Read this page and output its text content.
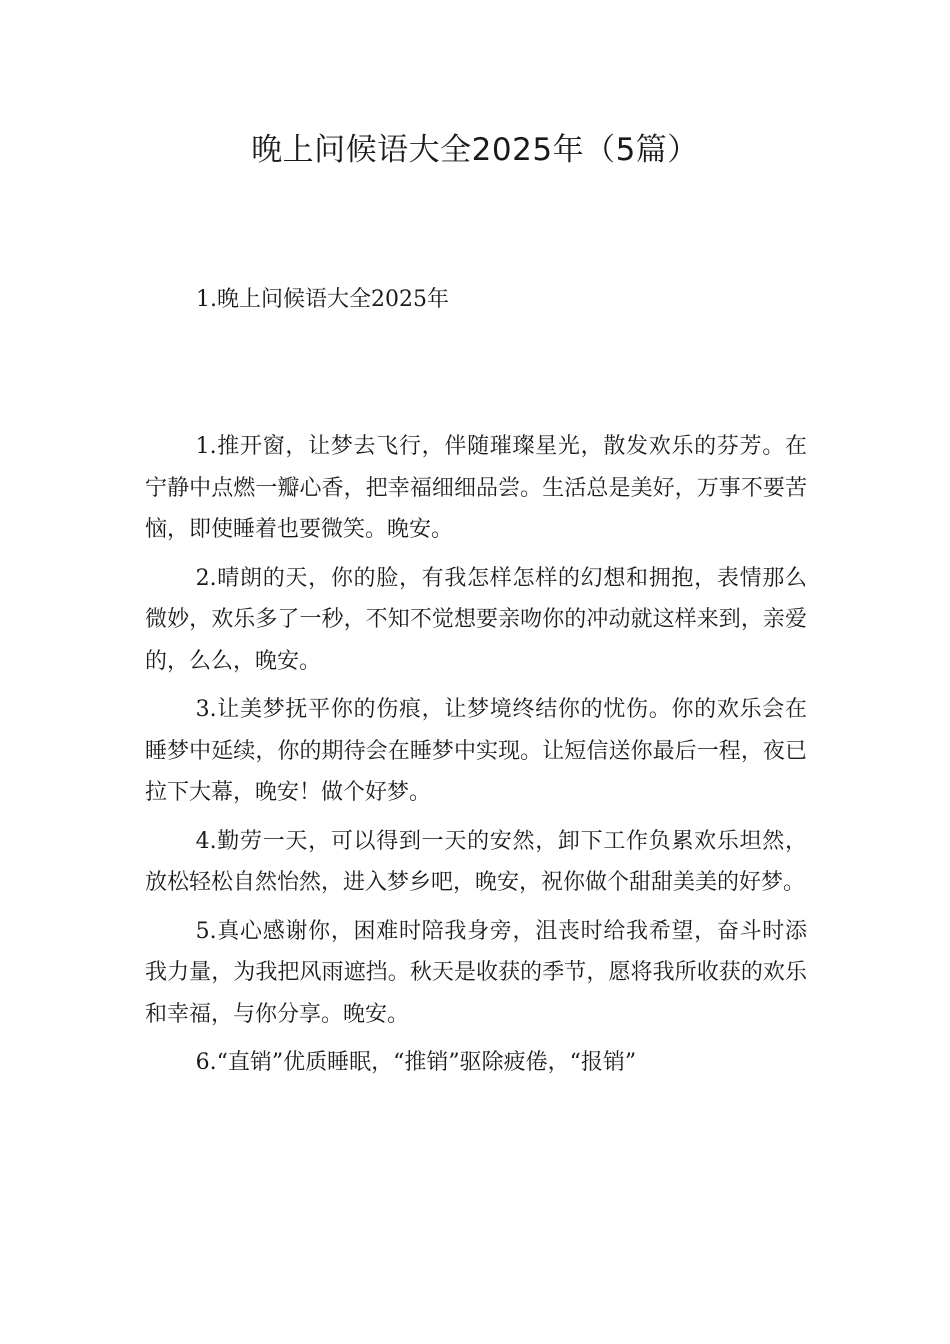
晚上问候语大全2025年（5篇）
1.晚上问候语大全2025年

1.推开窗，让梦去飞行，伴随璀璨星光，散发欢乐的芬芳。在宁静中点燃一瓣心香，把幸福细细品尝。生活总是美好，万事不要苦恼，即使睡着也要微笑。晚安。

2.晴朗的天，你的脸，有我怎样怎样的幻想和拥抱，表情那么微妙，欢乐多了一秒，不知不觉想要亲吻你的冲动就这样来到，亲爱的，么么，晚安。

3.让美梦抚平你的伤痕，让梦境终结你的忧伤。你的欢乐会在睡梦中延续，你的期待会在睡梦中实现。让短信送你最后一程，夜已拉下大幕，晚安！做个好梦。

4.勤劳一天，可以得到一天的安然，卸下工作负累欢乐坦然，放松轻松自然怡然，进入梦乡吧，晚安，祝你做个甜甜美美的好梦。

5.真心感谢你，困难时陪我身旁，沮丧时给我希望，奋斗时添我力量，为我把风雨遮挡。秋天是收获的季节，愿将我所收获的欢乐和幸福，与你分享。晚安。

6.“直销”优质睡眠，“推销”驱除疲倦，“报销”
